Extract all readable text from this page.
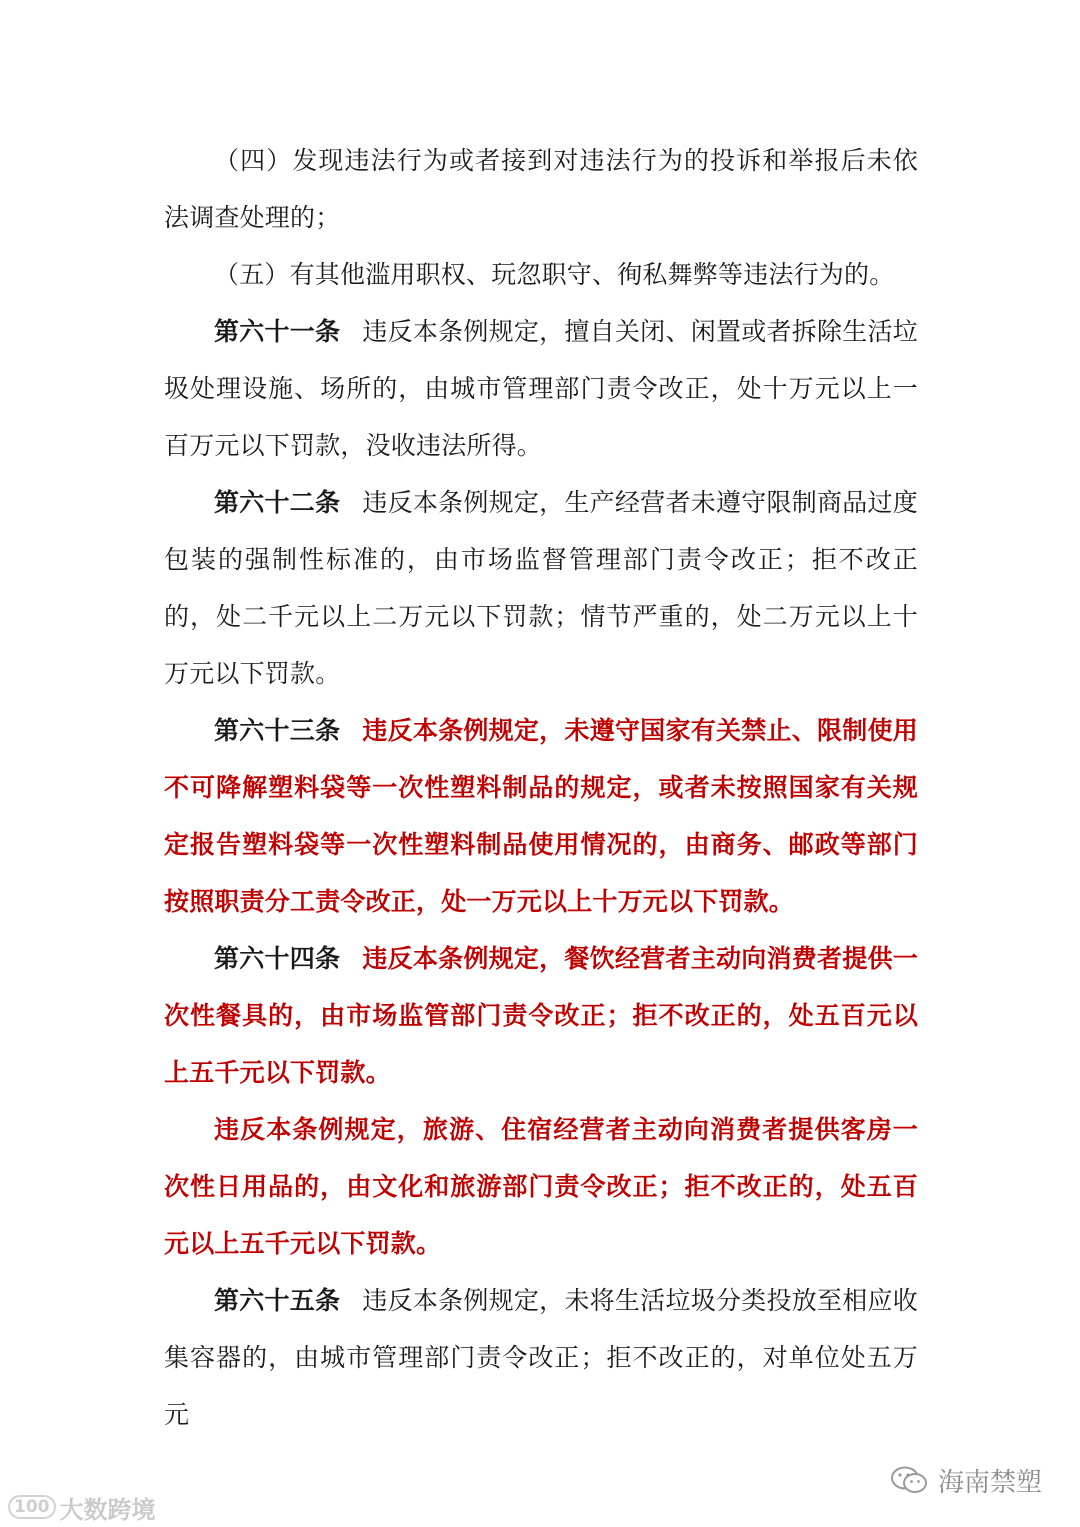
（四）发现违法行为或者接到对违法行为的投诉和举报后未依法调查处理的；

（五）有其他滥用职权、玩忽职守、徇私舞弊等违法行为的。

第六十一条 违反本条例规定，擅自关闭、闲置或者拆除生活垃圾处理设施、场所的，由城市管理部门责令改正，处十万元以上一百万元以下罚款，没收违法所得。

第六十二条 违反本条例规定，生产经营者未遵守限制商品过度包装的强制性标准的，由市场监督管理部门责令改正；拒不改正的，处二千元以上二万元以下罚款；情节严重的，处二万元以上十万元以下罚款。

第六十三条 违反本条例规定，未遵守国家有关禁止、限制使用不可降解塑料袋等一次性塑料制品的规定，或者未按照国家有关规定报告塑料袋等一次性塑料制品使用情况的，由商务、邮政等部门按照职责分工责令改正，处一万元以上十万元以下罚款。

第六十四条 违反本条例规定，餐饮经营者主动向消费者提供一次性餐具的，由市场监管部门责令改正；拒不改正的，处五百元以上五千元以下罚款。

违反本条例规定，旅游、住宿经营者主动向消费者提供客房一次性日用品的，由文化和旅游部门责令改正；拒不改正的，处五百元以上五千元以下罚款。

第六十五条 违反本条例规定，未将生活垃圾分类投放至相应收集容器的，由城市管理部门责令改正；拒不改正的，对单位处五万元

100 大数跨境
海南禁塑
